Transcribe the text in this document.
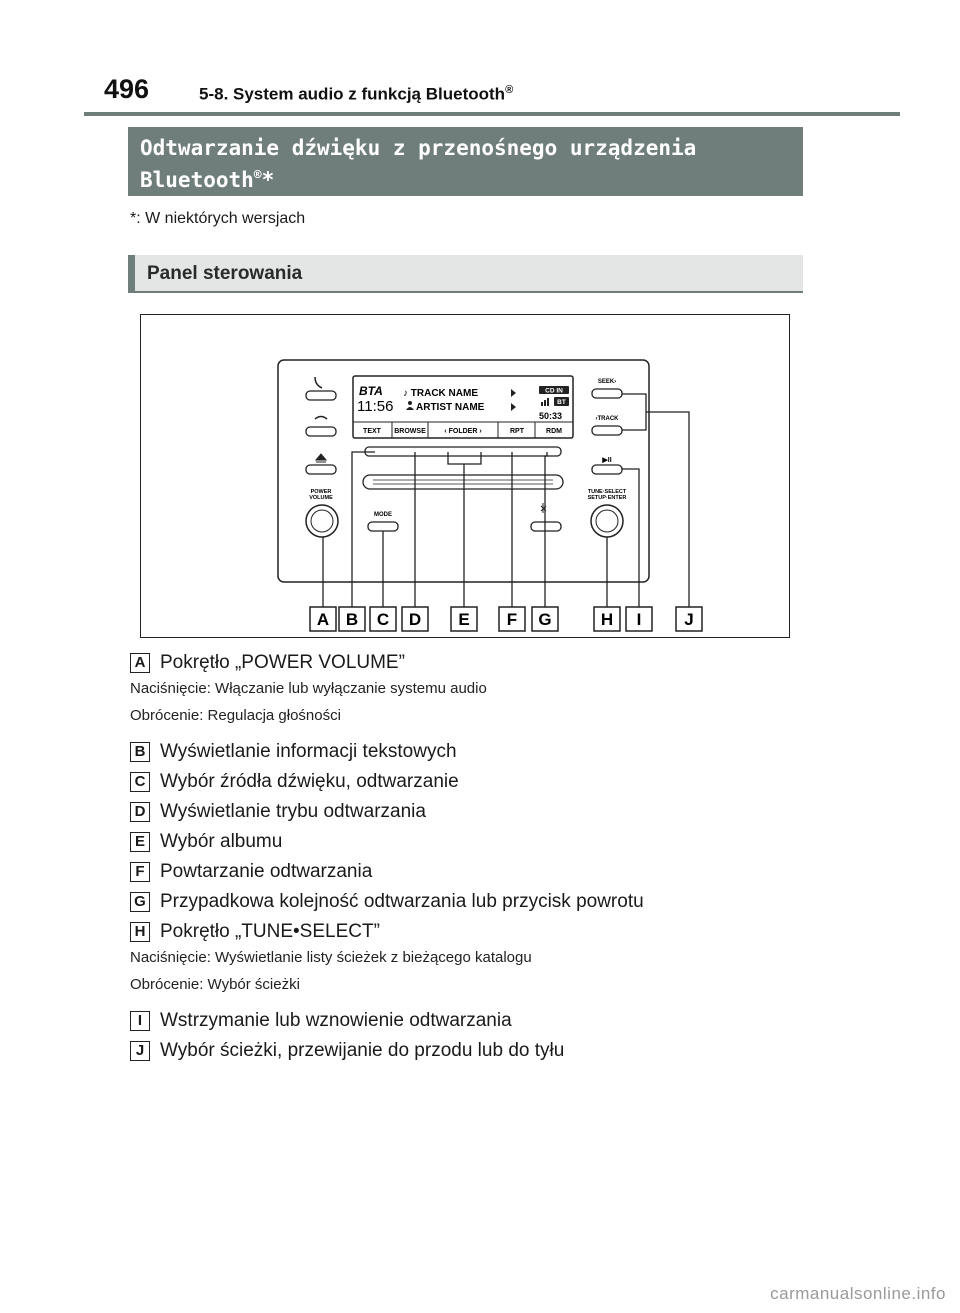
496	5-8. System audio z funkcją Bluetooth®
Odtwarzanie dźwięku z przenośnego urządzenia
Bluetooth®*
*: W niektórych wersjach
Panel sterowania
POWER
VOLUME
BTA
11:56
♪ TRACK NAME
ARTIST NAME
CD IN
BT
50:33
TEXT BROWSE	‹ FOLDER ›	RPT	RDM
MODE
SEEK›
‹TRACK
▶II
TUNE·SELECT
SETUP·ENTER
A B C D E F G	H I	J
A Pokrętło „POWER VOLUME”
Naciśnięcie: Włączanie lub wyłączanie systemu audio
Obrócenie: Regulacja głośności
B Wyświetlanie informacji tekstowych
C Wybór źródła dźwięku, odtwarzanie
D Wyświetlanie trybu odtwarzania
E Wybór albumu
F Powtarzanie odtwarzania
G Przypadkowa kolejność odtwarzania lub przycisk powrotu
H Pokrętło „TUNE•SELECT”
Naciśnięcie: Wyświetlanie listy ścieżek z bieżącego katalogu
Obrócenie: Wybór ścieżki
I Wstrzymanie lub wznowienie odtwarzania
J Wybór ścieżki, przewijanie do przodu lub do tyłu
carmanualsonline.info
